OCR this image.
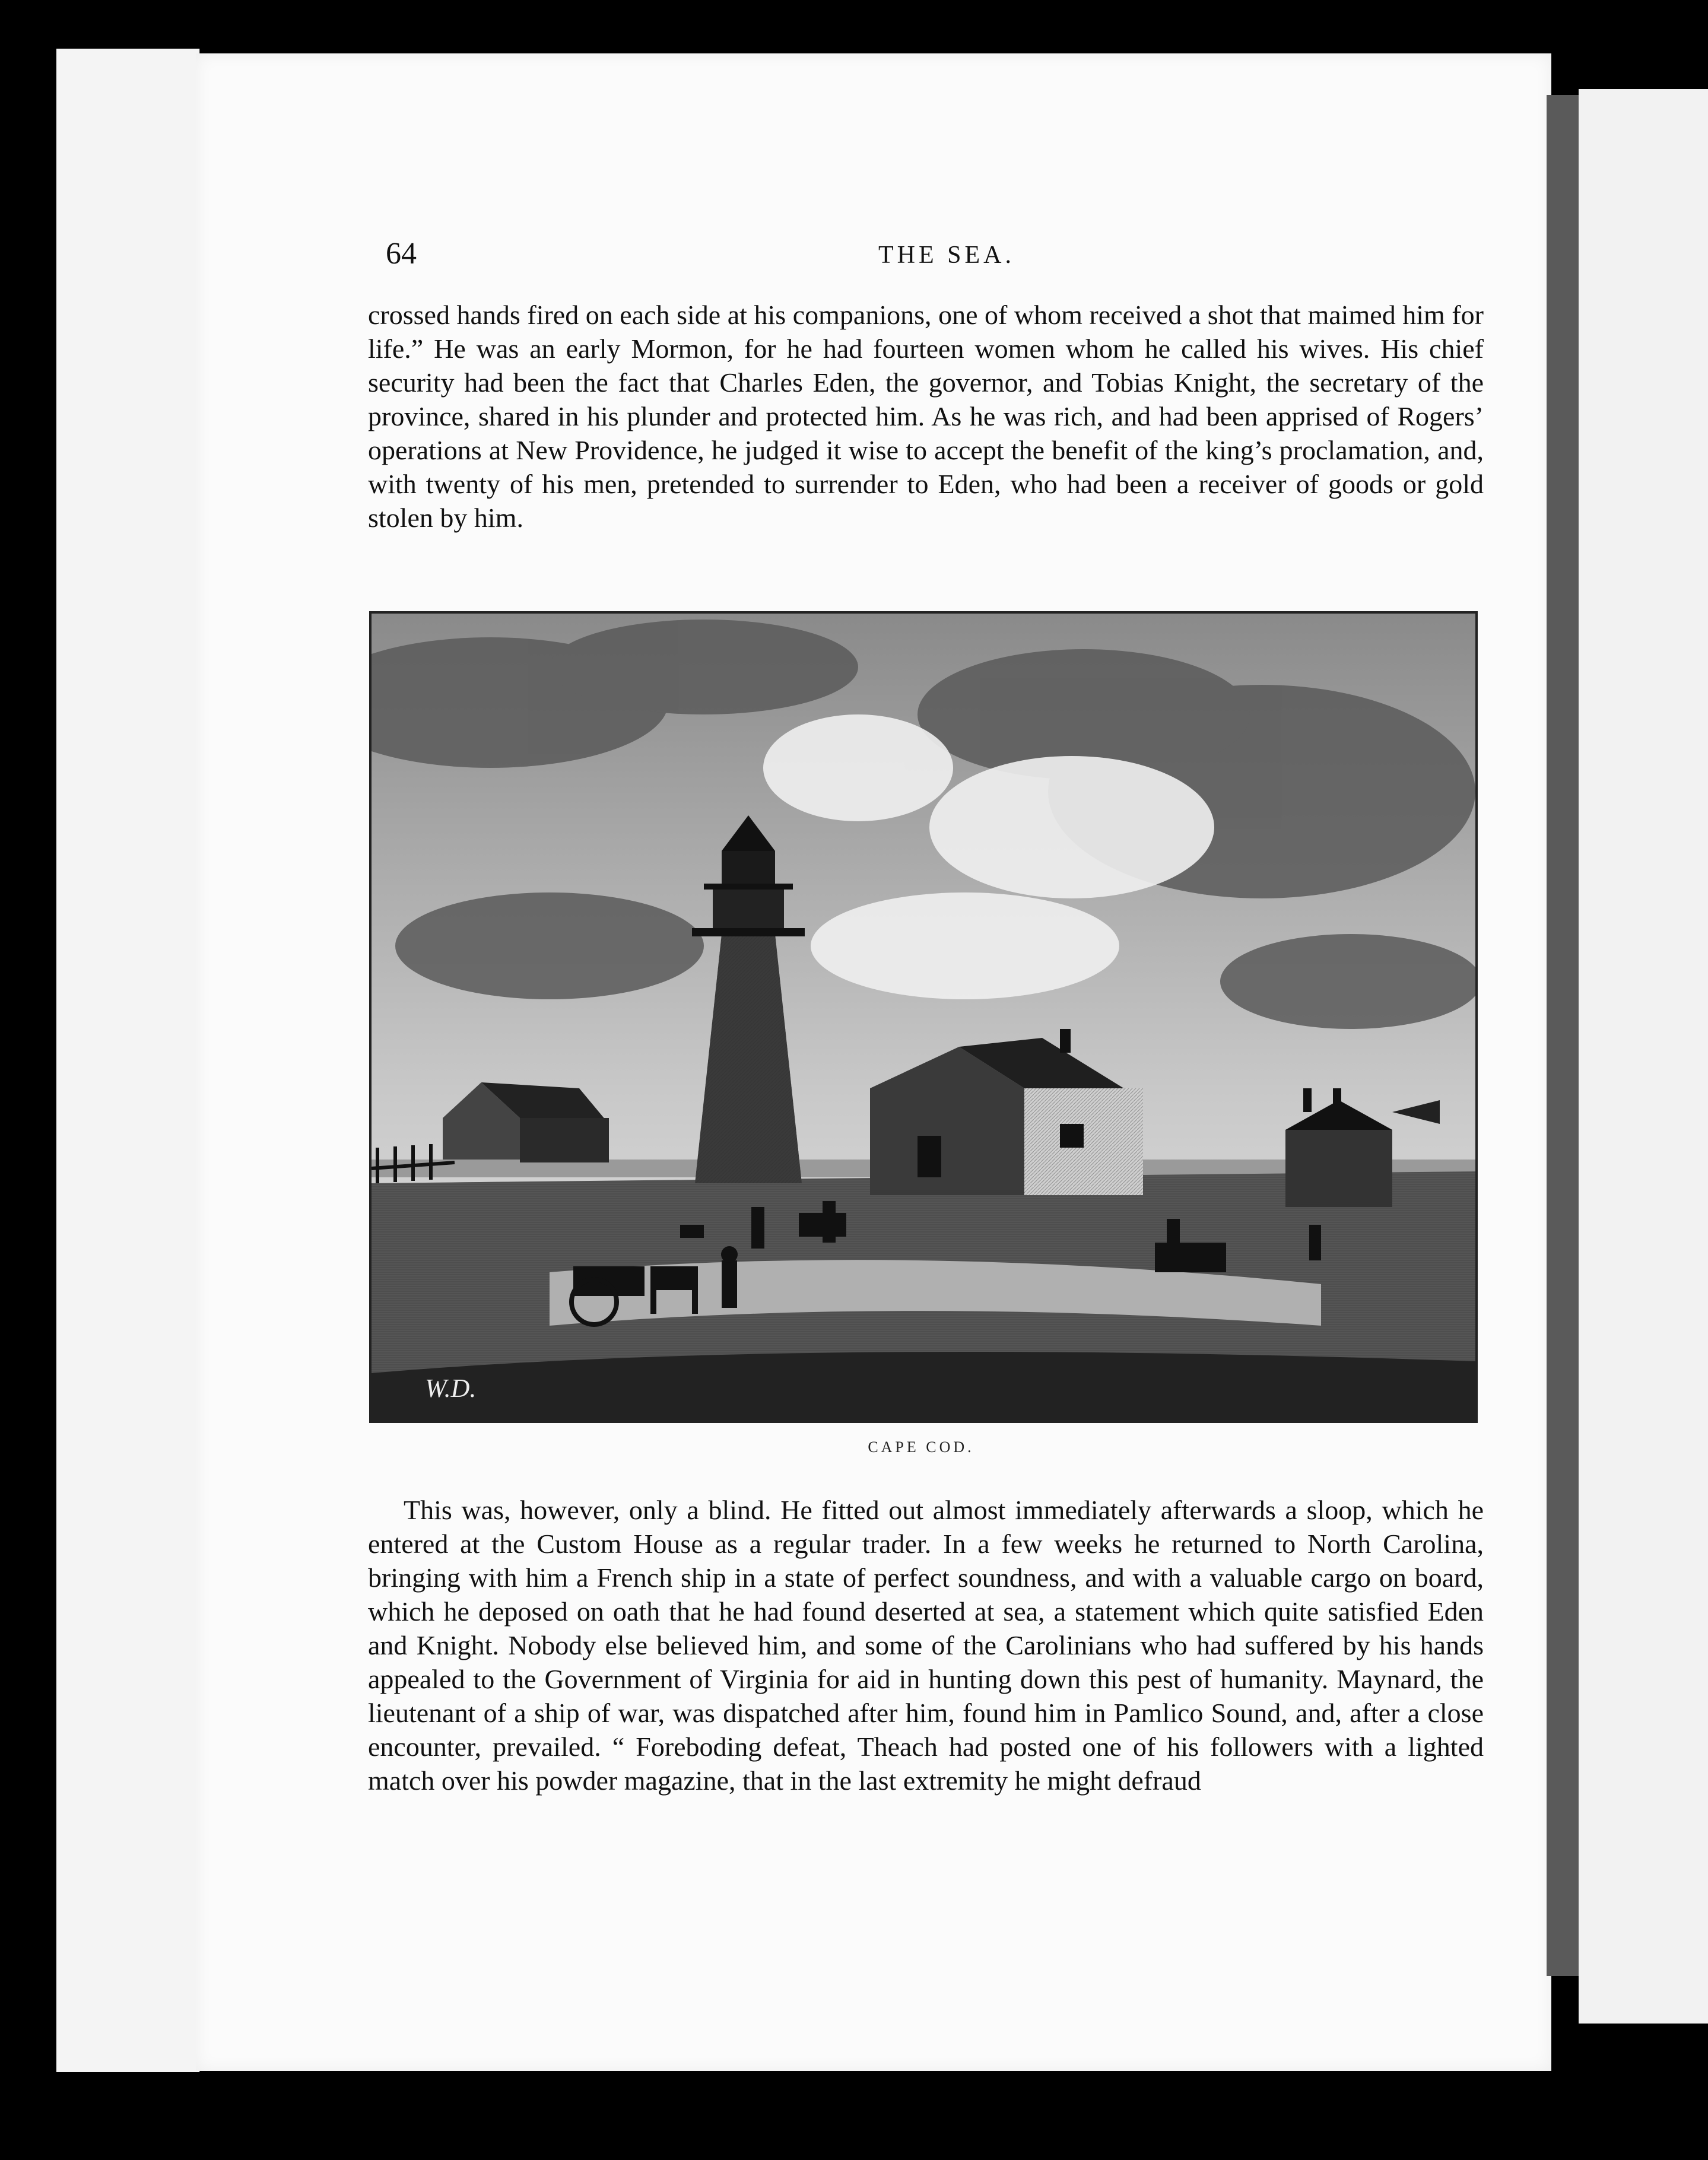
64	THE SEA.

crossed hands fired on each side at his companions, one of whom received a shot that maimed him for life.” He was an early Mormon, for he had fourteen women whom he called his wives. His chief security had been the fact that Charles Eden, the governor, and Tobias Knight, the secretary of the province, shared in his plunder and protected him. As he was rich, and had been apprised of Rogers’ operations at New Providence, he judged it wise to accept the benefit of the king’s proclamation, and, with twenty of his men, pretended to surrender to Eden, who had been a receiver of goods or gold stolen by him.

W.D.
CAPE COD.

This was, however, only a blind. He fitted out almost immediately afterwards a sloop, which he entered at the Custom House as a regular trader. In a few weeks he returned to North Carolina, bringing with him a French ship in a state of perfect soundness, and with a valuable cargo on board, which he deposed on oath that he had found deserted at sea, a statement which quite satisfied Eden and Knight. Nobody else believed him, and some of the Carolinians who had suffered by his hands appealed to the Government of Virginia for aid in hunting down this pest of humanity. Maynard, the lieutenant of a ship of war, was dispatched after him, found him in Pamlico Sound, and, after a close encounter, prevailed. “ Foreboding defeat, Theach had posted one of his followers with a lighted match over his powder magazine, that in the last extremity he might defraud
